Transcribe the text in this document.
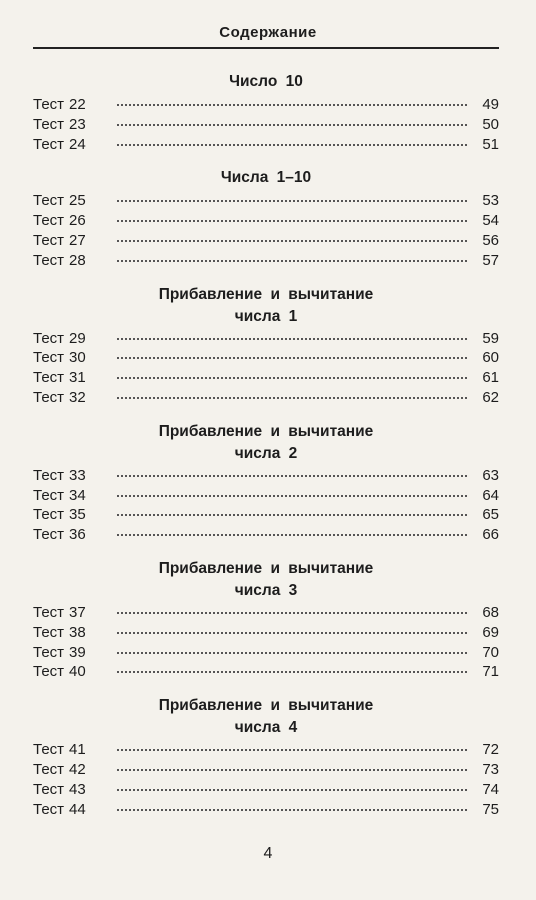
Содержание
Число 10
Тест 22	49
Тест 23	50
Тест 24	51
Числа 1–10
Тест 25	53
Тест 26	54
Тест 27	56
Тест 28	57
Прибавление и вычитание
числа 1
Тест 29	59
Тест 30	60
Тест 31	61
Тест 32	62
Прибавление и вычитание
числа 2
Тест 33	63
Тест 34	64
Тест 35	65
Тест 36	66
Прибавление и вычитание
числа 3
Тест 37	68
Тест 38	69
Тест 39	70
Тест 40	71
Прибавление и вычитание
числа 4
Тест 41	72
Тест 42	73
Тест 43	74
Тест 44	75
4
